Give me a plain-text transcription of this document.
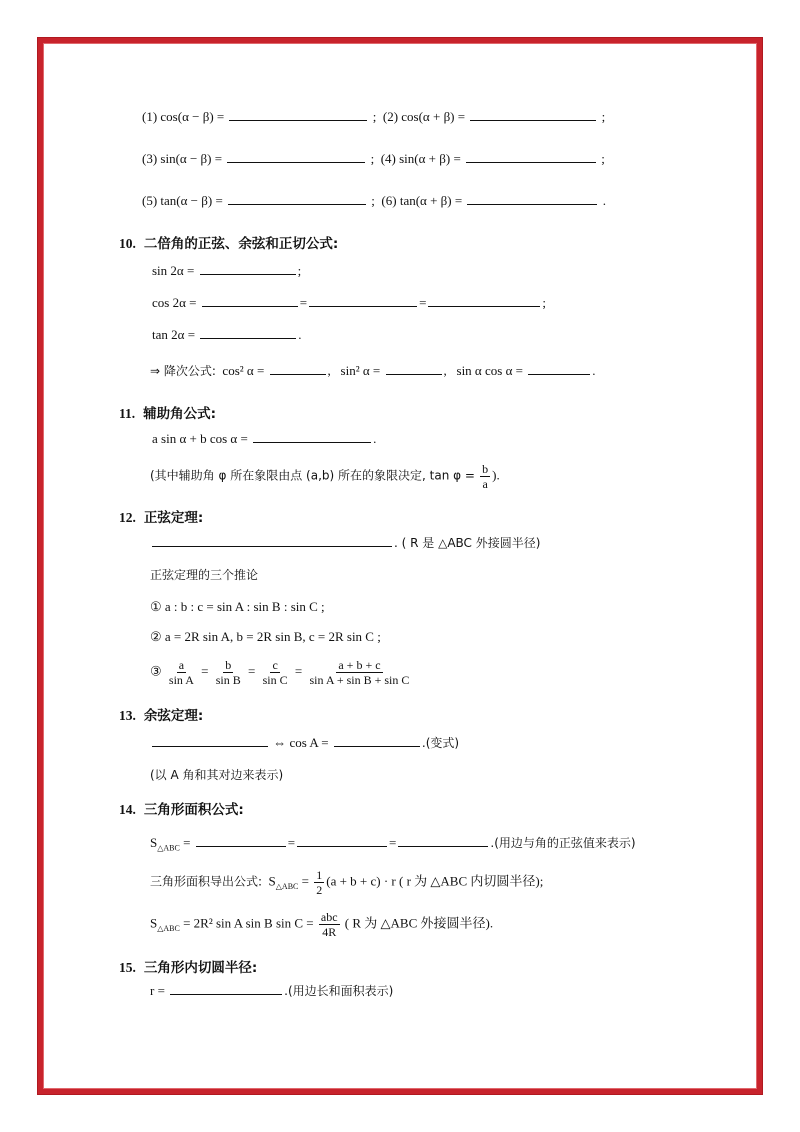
(1) cos(α − β) =	; (2) cos(α + β) =	;
(3) sin(α − β) =	; (4) sin(α + β) =	;
(5) tan(α − β) =	; (6) tan(α + β) =	.
10. 二倍角的正弦、余弦和正切公式:
sin 2α =	;
cos 2α =	=	=	;
tan 2α =	.
⇒ 降次公式: cos² α =	, sin² α =	, sin α cos α =	.
11. 辅助角公式:
a sin α + b cos α =	.
(其中辅助角 φ 所在象限由点 (a,b) 所在的象限决定, $\tan \varphi = \frac{b}{a}$ ).
12. 正弦定理:
. ( R 是 △ABC 外接圆半径)
正弦定理的三个推论
① a : b : c = sin A : sin B : sin C ;
② a = 2R sin A, b = 2R sin B, c = 2R sin C ;
③ $\frac{a}{\text{sin A}} = \frac{b}{\text{sin B}} = \frac{c}{\text{sin C}} = \frac{a + b + c}{\text{sin A + sin B + sin C}}$
13. 余弦定理:
⇔ cos A =	.(变式)
(以 A 角和其对边来表示)
14. 三角形面积公式:
$S_{\triangle ABC}$ =	=	=	.(用边与角的正弦值来表示)
三角形面积导出公式: $S_{\triangle ABC} = \frac{1}{2} (a + b + c) \cdot r$ ( r 为 △ABC 内切圆半径);
$S_{\triangle ABC} = 2R^2$ sin A sin B $\sin C = \frac{\text{abc}}{4R}$ ( R 为 △ABC 外接圆半径).
15. 三角形内切圆半径:
r =	.(用边长和面积表示)
